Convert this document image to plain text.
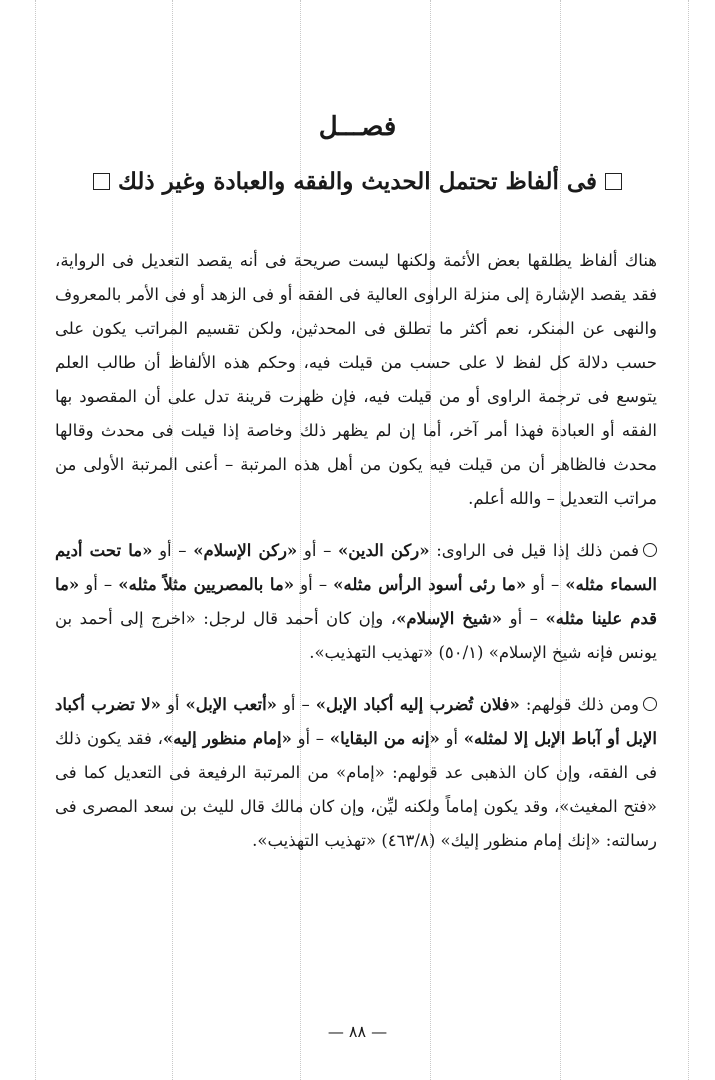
فصـــل
فى ألفاظ تحتمل الحديث والفقه والعبادة وغير ذلك

هناك ألفاظ يطلقها بعض الأئمة ولكنها ليست صريحة فى أنه يقصد التعديل فى الرواية، فقد يقصد الإشارة إلى منزلة الراوى العالية فى الفقه أو فى الزهد أو فى الأمر بالمعروف والنهى عن المنكر، نعم أكثر ما تطلق فى المحدثين، ولكن تقسيم المراتب يكون على حسب دلالة كل لفظ لا على حسب من قيلت فيه، وحكم هذه الألفاظ أن طالب العلم يتوسع فى ترجمة الراوى أو من قيلت فيه، فإن ظهرت قرينة تدل على أن المقصود بها الفقه أو العبادة فهذا أمر آخر، أما إن لم يظهر ذلك وخاصة إذا قيلت فى محدث وقالها محدث فالظاهر أن من قيلت فيه يكون من أهل هذه المرتبة – أعنى المرتبة الأولى من مراتب التعديل – والله أعلم.

فمن ذلك إذا قيل فى الراوى: «ركن الدين» – أو «ركن الإسلام» – أو «ما تحت أديم السماء مثله» – أو «ما رئى أسود الرأس مثله» – أو «ما بالمصريين مثلاً مثله» – أو «ما قدم علينا مثله» – أو «شيخ الإسلام»، وإن كان أحمد قال لرجل: «اخرج إلى أحمد بن يونس فإنه شيخ الإسلام» (٥٠/١) «تهذيب التهذيب».

ومن ذلك قولهم: «فلان تُضرب إليه أكباد الإبل» – أو «أتعب الإبل» أو «لا تضرب أكباد الإبل أو آباط الإبل إلا لمثله» أو «إنه من البقايا» – أو «إمام منظور إليه»، فقد يكون ذلك فى الفقه، وإن كان الذهبى عد قولهم: «إمام» من المرتبة الرفيعة فى التعديل كما فى «فتح المغيث»، وقد يكون إماماً ولكنه ليِّن، وإن كان مالك قال لليث بن سعد المصرى فى رسالته: «إنك إمام منظور إليك» (٤٦٣/٨) «تهذيب التهذيب».

— ٨٨ —
